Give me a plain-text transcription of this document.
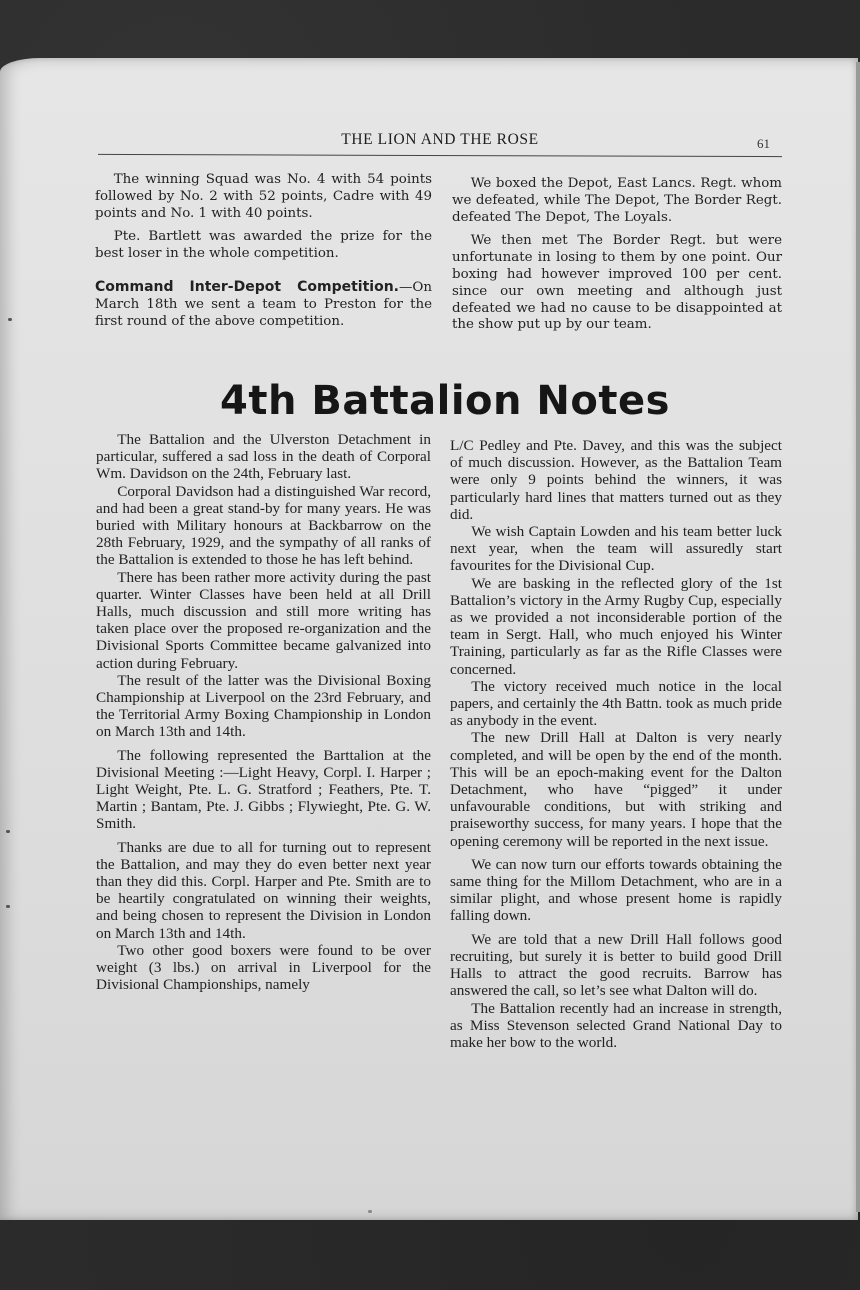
THE LION AND THE ROSE	61

The winning Squad was No. 4 with 54 points followed by No. 2 with 52 points, Cadre with 49 points and No. 1 with 40 points.

Pte. Bartlett was awarded the prize for the best loser in the whole competition.

Command Inter-Depot Competition.—On March 18th we sent a team to Preston for the first round of the above competition.

We boxed the Depot, East Lancs. Regt. whom we defeated, while The Depot, The Border Regt. defeated The Depot, The Loyals.

We then met The Border Regt. but were unfortunate in losing to them by one point. Our boxing had however improved 100 per cent. since our own meeting and although just defeated we had no cause to be disappointed at the show put up by our team.

4th Battalion Notes

The Battalion and the Ulverston Detachment in particular, suffered a sad loss in the death of Corporal Wm. Davidson on the 24th, February last.

Corporal Davidson had a distinguished War record, and had been a great stand-by for many years. He was buried with Military honours at Backbarrow on the 28th February, 1929, and the sympathy of all ranks of the Battalion is extended to those he has left behind.

There has been rather more activity during the past quarter. Winter Classes have been held at all Drill Halls, much discussion and still more writing has taken place over the proposed re-organization and the Divisional Sports Committee became galvanized into action during February.

The result of the latter was the Divisional Boxing Championship at Liverpool on the 23rd February, and the Territorial Army Boxing Championship in London on March 13th and 14th.

The following represented the Barttalion at the Divisional Meeting :—Light Heavy, Corpl. I. Harper ; Light Weight, Pte. L. G. Stratford ; Feathers, Pte. T. Martin ; Bantam, Pte. J. Gibbs ; Flywieght, Pte. G. W. Smith.

Thanks are due to all for turning out to represent the Battalion, and may they do even better next year than they did this. Corpl. Harper and Pte. Smith are to be heartily congratulated on winning their weights, and being chosen to represent the Division in London on March 13th and 14th.

Two other good boxers were found to be over weight (3 lbs.) on arrival in Liverpool for the Divisional Championships, namely

L/C Pedley and Pte. Davey, and this was the subject of much discussion. However, as the Battalion Team were only 9 points behind the winners, it was particularly hard lines that matters turned out as they did.

We wish Captain Lowden and his team better luck next year, when the team will assuredly start favourites for the Divisional Cup.

We are basking in the reflected glory of the 1st Battalion’s victory in the Army Rugby Cup, especially as we provided a not inconsiderable portion of the team in Sergt. Hall, who much enjoyed his Winter Training, particularly as far as the Rifle Classes were concerned.

The victory received much notice in the local papers, and certainly the 4th Battn. took as much pride as anybody in the event.

The new Drill Hall at Dalton is very nearly completed, and will be open by the end of the month. This will be an epoch-making event for the Dalton Detachment, who have “pigged” it under unfavourable conditions, but with striking and praiseworthy success, for many years. I hope that the opening ceremony will be reported in the next issue.

We can now turn our efforts towards obtaining the same thing for the Millom Detachment, who are in a similar plight, and whose present home is rapidly falling down.

We are told that a new Drill Hall follows good recruiting, but surely it is better to build good Drill Halls to attract the good recruits. Barrow has answered the call, so let’s see what Dalton will do.

The Battalion recently had an increase in strength, as Miss Stevenson selected Grand National Day to make her bow to the world.
